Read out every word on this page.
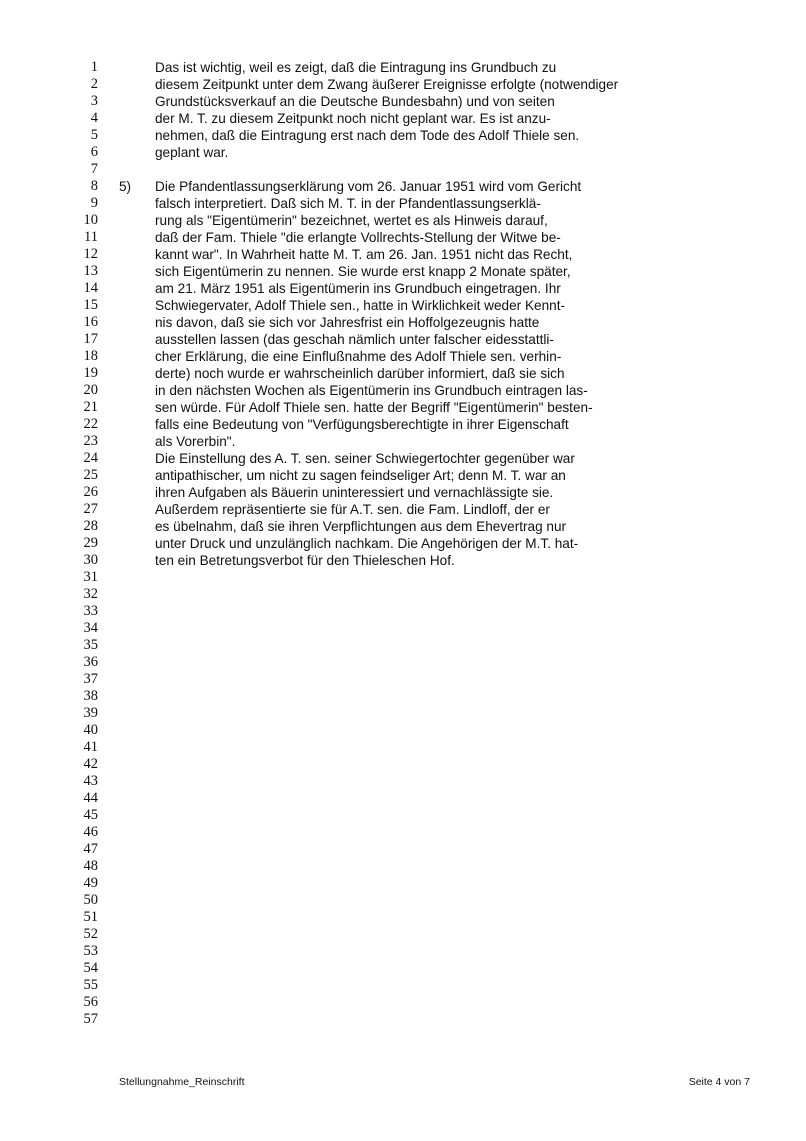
1
2
3
4
5
6
7
8
9
10
11
12
13
14
15
16
17
18
19
20
21
22
23
24
25
26
27
28
29
30
31
32
33
34
35
36
37
38
39
40
41
42
43
44
45
46
47
48
49
50
51
52
53
54
55
56
57
5)
Das ist wichtig, weil es zeigt, daß die Eintragung ins Grundbuch zu
diesem Zeitpunkt unter dem Zwang äußerer Ereignisse erfolgte (notwendiger
Grundstücksverkauf an die Deutsche Bundesbahn) und von seiten
der M. T. zu diesem Zeitpunkt noch nicht geplant war. Es ist anzu-
nehmen, daß die Eintragung erst nach dem Tode des Adolf Thiele sen.
geplant war.
Die Pfandentlassungserklärung vom 26. Januar 1951 wird vom Gericht
falsch interpretiert. Daß sich M. T. in der Pfandentlassungserklä-
rung als "Eigentümerin" bezeichnet, wertet es als Hinweis darauf,
daß der Fam. Thiele "die erlangte Vollrechts-Stellung der Witwe be-
kannt war". In Wahrheit hatte M. T. am 26. Jan. 1951 nicht das Recht,
sich Eigentümerin zu nennen. Sie wurde erst knapp 2 Monate später,
am 21. März 1951 als Eigentümerin ins Grundbuch eingetragen. Ihr
Schwiegervater, Adolf Thiele sen., hatte in Wirklichkeit weder Kennt-
nis davon, daß sie sich vor Jahresfrist ein Hoffolgezeugnis hatte
ausstellen lassen (das geschah nämlich unter falscher eidesstattli-
cher Erklärung, die eine Einflußnahme des Adolf Thiele sen. verhin-
derte) noch wurde er wahrscheinlich darüber informiert, daß sie sich
in den nächsten Wochen als Eigentümerin ins Grundbuch eintragen las-
sen würde. Für Adolf Thiele sen. hatte der Begriff "Eigentümerin" besten-
falls eine Bedeutung von "Verfügungsberechtigte in ihrer Eigenschaft
als Vorerbin".
Die Einstellung des A. T. sen. seiner Schwiegertochter gegenüber war
antipathischer, um nicht zu sagen feindseliger Art; denn M. T. war an
ihren Aufgaben als Bäuerin uninteressiert und vernachlässigte sie.
Außerdem repräsentierte sie für A.T. sen. die Fam. Lindloff, der er
es übelnahm, daß sie ihren Verpflichtungen aus dem Ehevertrag nur
unter Druck und unzulänglich nachkam. Die Angehörigen der M.T. hat-
ten ein Betretungsverbot für den Thieleschen Hof.
Stellungnahme_Reinschrift	Seite 4 von 7
